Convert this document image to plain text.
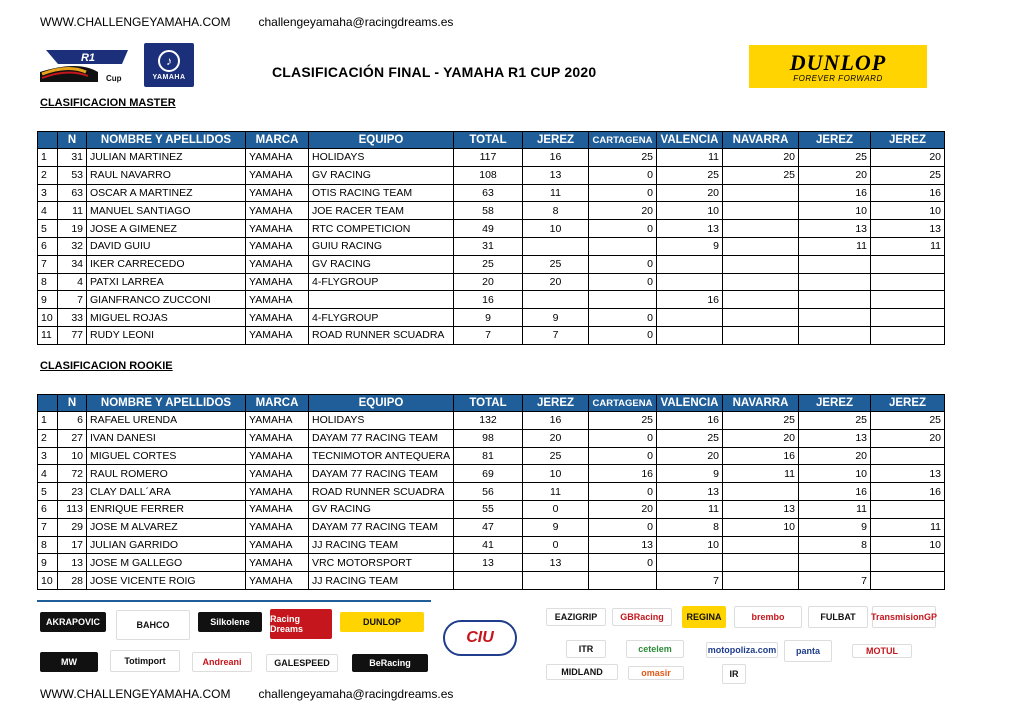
WWW.CHALLENGEYAMAHA.COM challengeyamaha@racingdreams.es
R1
Cup
♪
YAMAHA	CLASIFICACIÓN FINAL - YAMAHA R1 CUP 2020	DUNLOP
FOREVER FORWARD
CLASIFICACION MASTER
	N	NOMBRE Y APELLIDOS	MARCA	EQUIPO	TOTAL	JEREZ	CARTAGENA	VALENCIA	NAVARRA	JEREZ	JEREZ
1	31	JULIAN MARTINEZ	YAMAHA	HOLIDAYS	117	16	25	11	20	25	20
2	53	RAUL NAVARRO	YAMAHA	GV RACING	108	13	0	25	25	20	25
3	63	OSCAR A MARTINEZ	YAMAHA	OTIS RACING TEAM	63	11	0	20		16	16
4	11	MANUEL SANTIAGO	YAMAHA	JOE RACER TEAM	58	8	20	10		10	10
5	19	JOSE A GIMENEZ	YAMAHA	RTC COMPETICION	49	10	0	13		13	13
6	32	DAVID GUIU	YAMAHA	GUIU RACING	31			9		11	11
7	34	IKER CARRECEDO	YAMAHA	GV RACING	25	25	0				
8	4	PATXI LARREA	YAMAHA	4-FLYGROUP	20	20	0				
9	7	GIANFRANCO ZUCCONI	YAMAHA		16			16			
10	33	MIGUEL ROJAS	YAMAHA	4-FLYGROUP	9	9	0				
11	77	RUDY LEONI	YAMAHA	ROAD RUNNER SCUADRA	7	7	0				
CLASIFICACION ROOKIE
	N	NOMBRE Y APELLIDOS	MARCA	EQUIPO	TOTAL	JEREZ	CARTAGENA	VALENCIA	NAVARRA	JEREZ	JEREZ
1	6	RAFAEL URENDA	YAMAHA	HOLIDAYS	132	16	25	16	25	25	25
2	27	IVAN DANESI	YAMAHA	DAYAM 77 RACING TEAM	98	20	0	25	20	13	20
3	10	MIGUEL CORTES	YAMAHA	TECNIMOTOR ANTEQUERA	81	25	0	20	16	20	
4	72	RAUL ROMERO	YAMAHA	DAYAM 77 RACING TEAM	69	10	16	9	11	10	13
5	23	CLAY DALL´ARA	YAMAHA	ROAD RUNNER SCUADRA	56	11	0	13		16	16
6	113	ENRIQUE FERRER	YAMAHA	GV RACING	55	0	20	11	13	11	
7	29	JOSE M ALVAREZ	YAMAHA	DAYAM 77 RACING TEAM	47	9	0	8	10	9	11
8	17	JULIAN GARRIDO	YAMAHA	JJ RACING TEAM	41	0	13	10		8	10
9	13	JOSE M GALLEGO	YAMAHA	VRC MOTORSPORT	13	13	0				
10	28	JOSE VICENTE ROIG	YAMAHA	JJ RACING TEAM				7		7	
AKRAPOVIC	BAHCO	Silkolene	Racing Dreams
DUNLOP
MW	Totimport	Andreani	GALESPEED	BeRacing
EAZIGRIP	GBRacing	REGINA	brembo	FULBAT	TransmisionGP
ITR	cetelem	motopoliza.com	panta	MOTUL
MIDLAND	omasir	IR
CIU
WWW.CHALLENGEYAMAHA.COM challengeyamaha@racingdreams.es
